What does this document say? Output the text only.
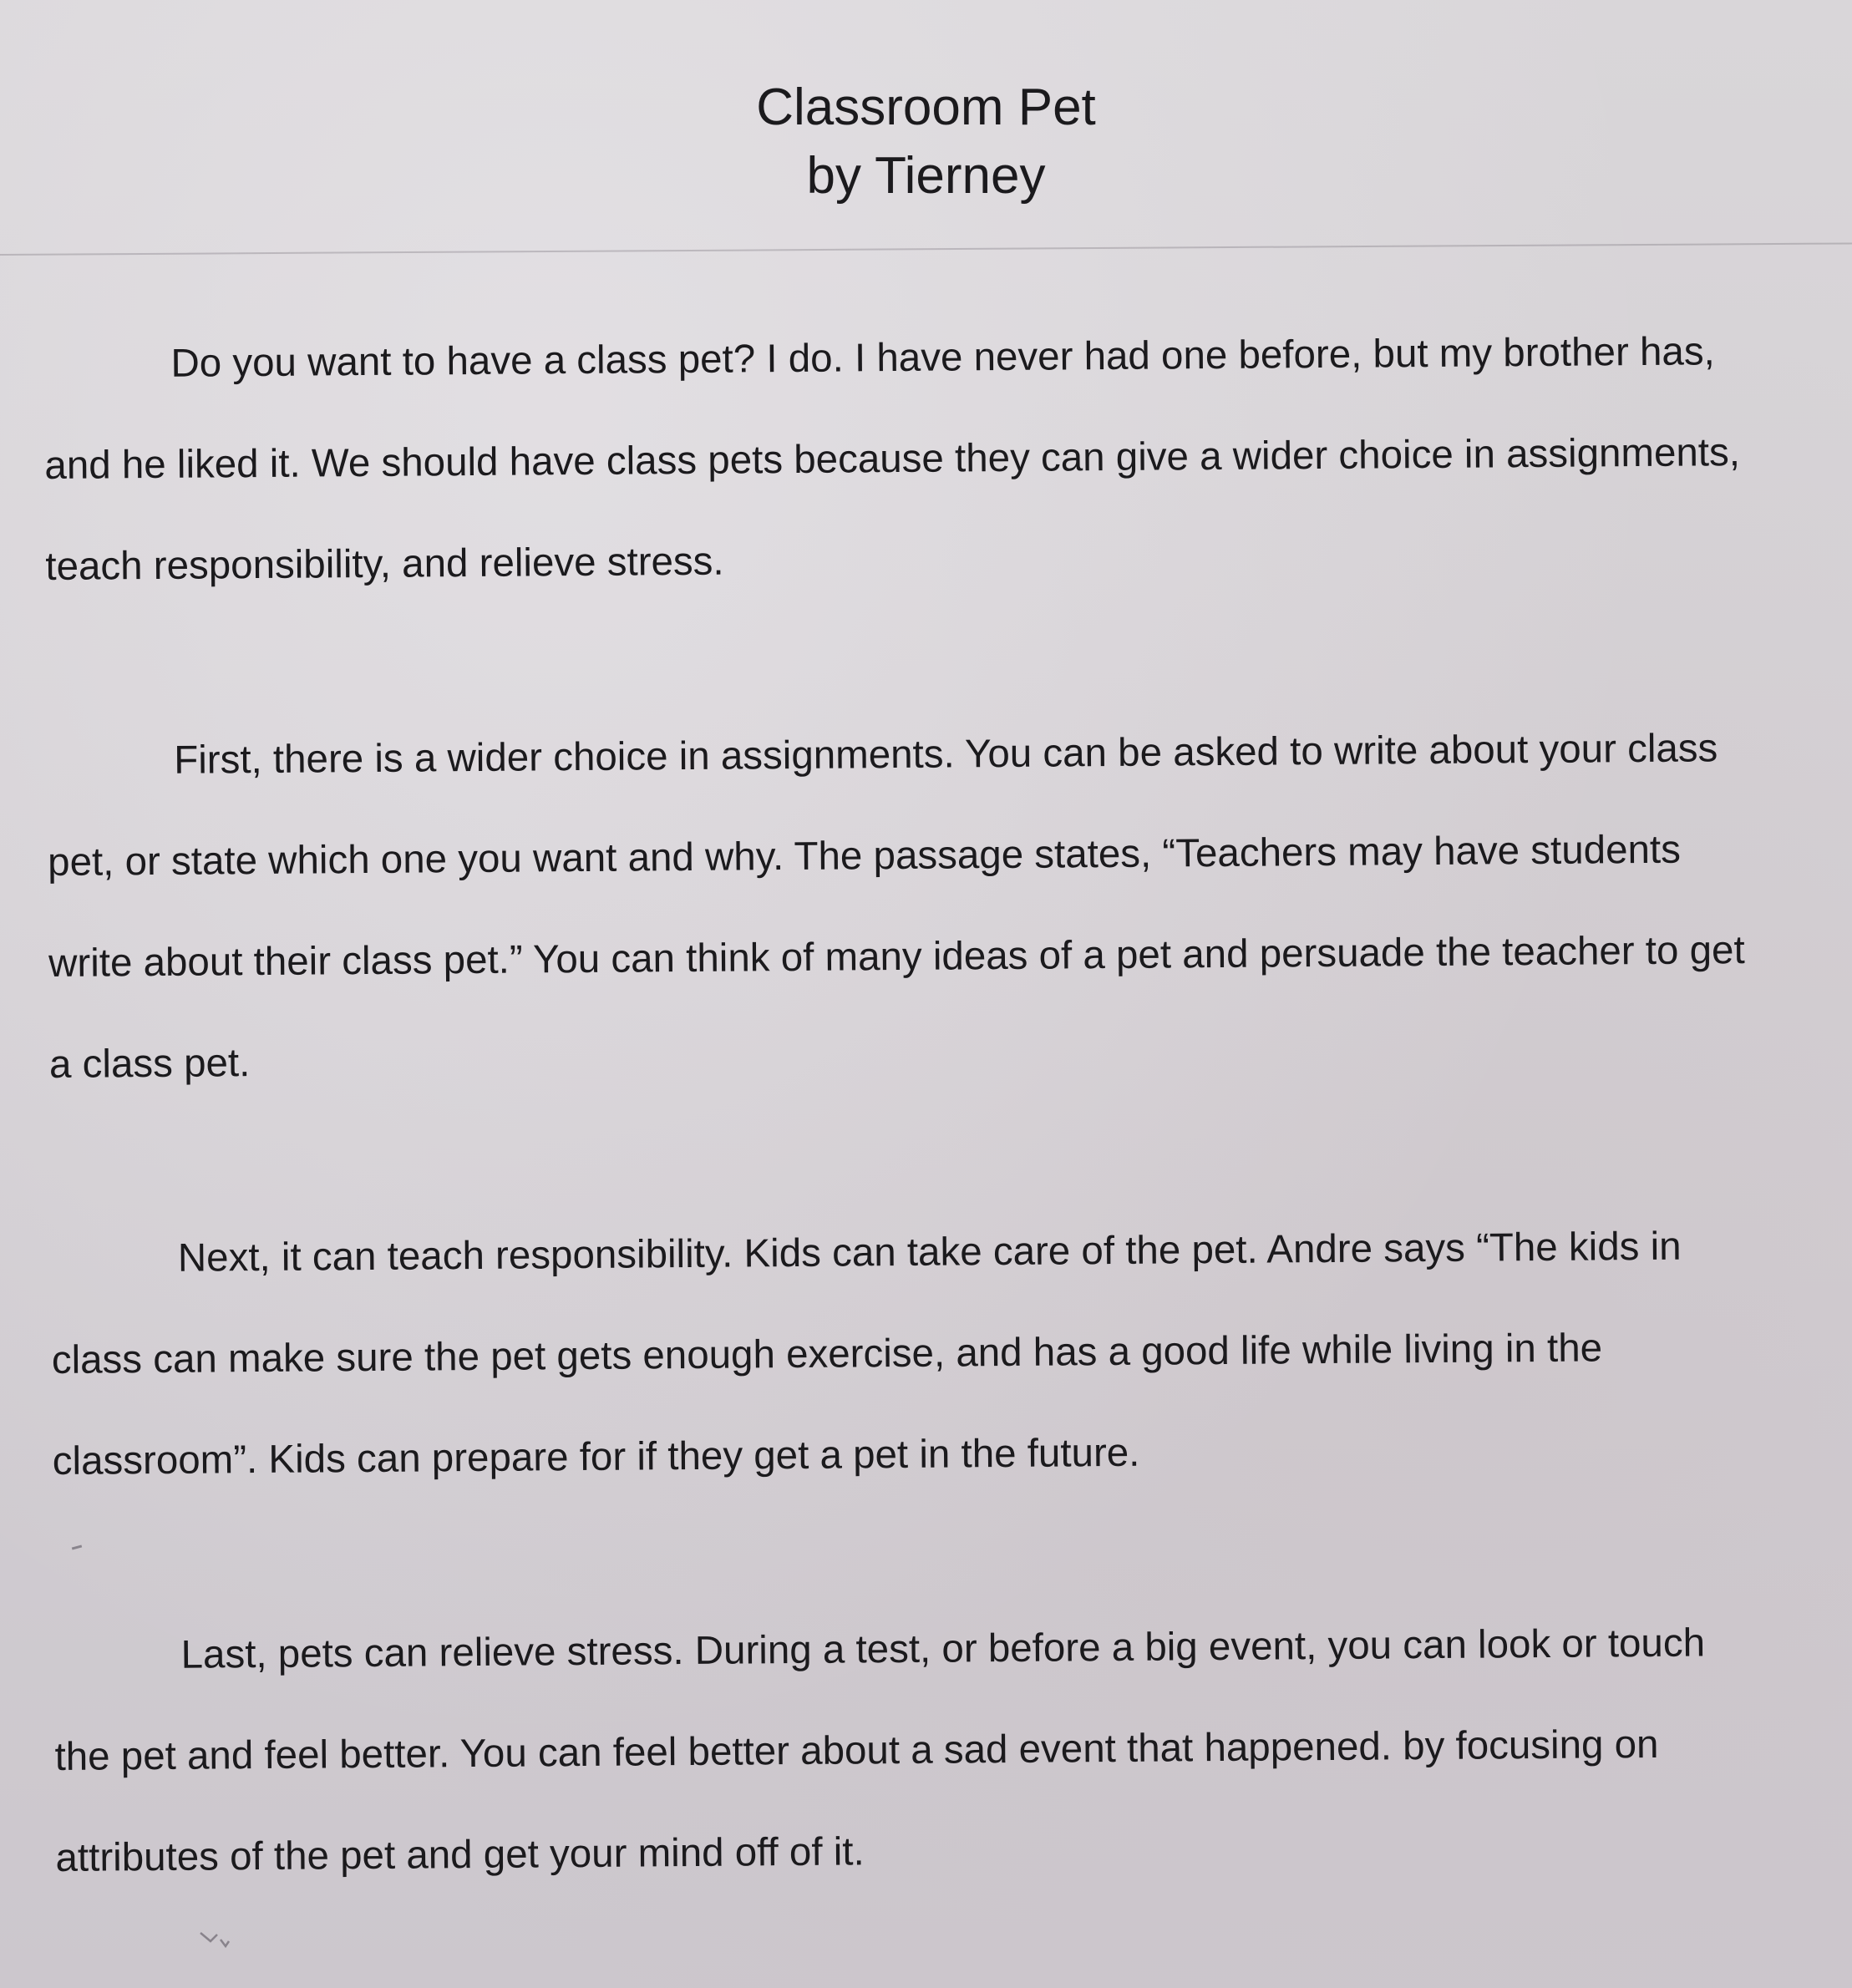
Classroom Pet

by Tierney

Do you want to have a class pet? I do. I have never had one before, but my brother has, and he liked it. We should have class pets because they can give a wider choice in assignments, teach responsibility, and relieve stress.

First, there is a wider choice in assignments. You can be asked to write about your class pet, or state which one you want and why. The passage states, “Teachers may have students write about their class pet.” You can think of many ideas of a pet and persuade the teacher to get a class pet.

Next, it can teach responsibility. Kids can take care of the pet. Andre says “The kids in class can make sure the pet gets enough exercise, and has a good life while living in the classroom”. Kids can prepare for if they get a pet in the future.

Last, pets can relieve stress. During a test, or before a big event, you can look or touch the pet and feel better. You can feel better about a sad event that happened. by focusing on attributes of the pet and get your mind off of it.
